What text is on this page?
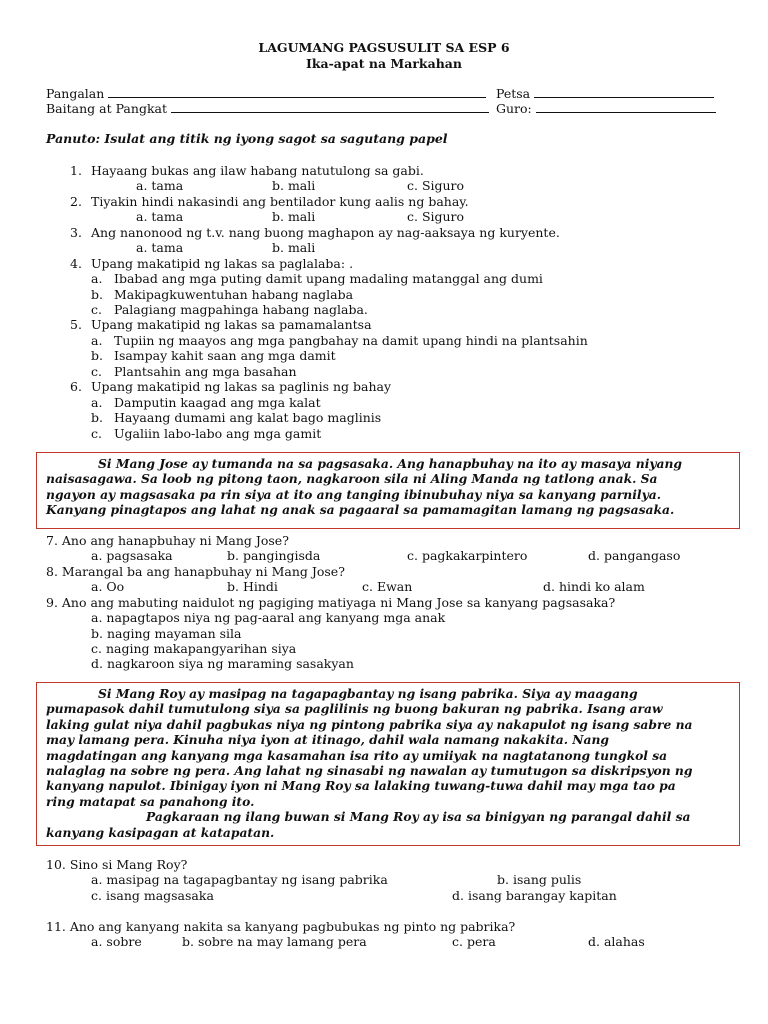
LAGUMANG PAGSUSULIT SA ESP 6
Ika-apat na Markahan
Pangalan	Petsa
Baitang at Pangkat	Guro:
Panuto: Isulat ang titik ng iyong sagot sa sagutang papel
1. Hayaang bukas ang ilaw habang natutulong sa gabi.
a. tama	b. mali	c. Siguro
2. Tiyakin hindi nakasindi ang bentilador kung aalis ng bahay.
a. tama	b. mali	c. Siguro
3. Ang nanonood ng t.v. nang buong maghapon ay nag-aaksaya ng kuryente.
a. tama	b. mali
4. Upang makatipid ng lakas sa paglalaba: .
a. Ibabad ang mga puting damit upang madaling matanggal ang dumi
b. Makipagkuwentuhan habang naglaba
c. Palagiang magpahinga habang naglaba.
5. Upang makatipid ng lakas sa pamamalantsa
a. Tupiin ng maayos ang mga pangbahay na damit upang hindi na plantsahin
b. Isampay kahit saan ang mga damit
c. Plantsahin ang mga basahan
6. Upang makatipid ng lakas sa paglinis ng bahay
a. Damputin kaagad ang mga kalat
b. Hayaang dumami ang kalat bago maglinis
c. Ugaliin labo-labo ang mga gamit

Si Mang Jose ay tumanda na sa pagsasaka. Ang hanapbuhay na ito ay masaya niyang

naisasagawa. Sa loob ng pitong taon, nagkaroon sila ni Aling Manda ng tatlong anak. Sa

ngayon ay magsasaka pa rin siya at ito ang tanging ibinubuhay niya sa kanyang parnilya.

Kanyang pinagtapos ang lahat ng anak sa pagaaral sa pamamagitan lamang ng pagsasaka.

7. Ano ang hanapbuhay ni Mang Jose?
a. pagsasaka	b. pangingisda	c. pagkakarpintero	d. pangangaso
8. Marangal ba ang hanapbuhay ni Mang Jose?
a. Oo	b. Hindi	c. Ewan	d. hindi ko alam
9. Ano ang mabuting naidulot ng pagiging matiyaga ni Mang Jose sa kanyang pagsasaka?
a. napagtapos niya ng pag-aaral ang kanyang mga anak
b. naging mayaman sila
c. naging makapangyarihan siya
d. nagkaroon siya ng maraming sasakyan

Si Mang Roy ay masipag na tagapagbantay ng isang pabrika. Siya ay maagang

pumapasok dahil tumutulong siya sa paglilinis ng buong bakuran ng pabrika. Isang araw

laking gulat niya dahil pagbukas niya ng pintong pabrika siya ay nakapulot ng isang sabre na

may lamang pera. Kinuha niya iyon at itinago, dahil wala namang nakakita. Nang

magdatingan ang kanyang mga kasamahan isa rito ay umiiyak na nagtatanong tungkol sa

nalaglag na sobre ng pera. Ang lahat ng sinasabi ng nawalan ay tumutugon sa diskripsyon ng

kanyang napulot. Ibinigay iyon ni Mang Roy sa lalaking tuwang-tuwa dahil may mga tao pa

ring matapat sa panahong ito.

Pagkaraan ng ilang buwan si Mang Roy ay isa sa binigyan ng parangal dahil sa

kanyang kasipagan at katapatan.

10. Sino si Mang Roy?
a. masipag na tagapagbantay ng isang pabrika	b. isang pulis
c. isang magsasaka	d. isang barangay kapitan
11. Ano ang kanyang nakita sa kanyang pagbubukas ng pinto ng pabrika?
a. sobre	b. sobre na may lamang pera	c. pera	d. alahas
